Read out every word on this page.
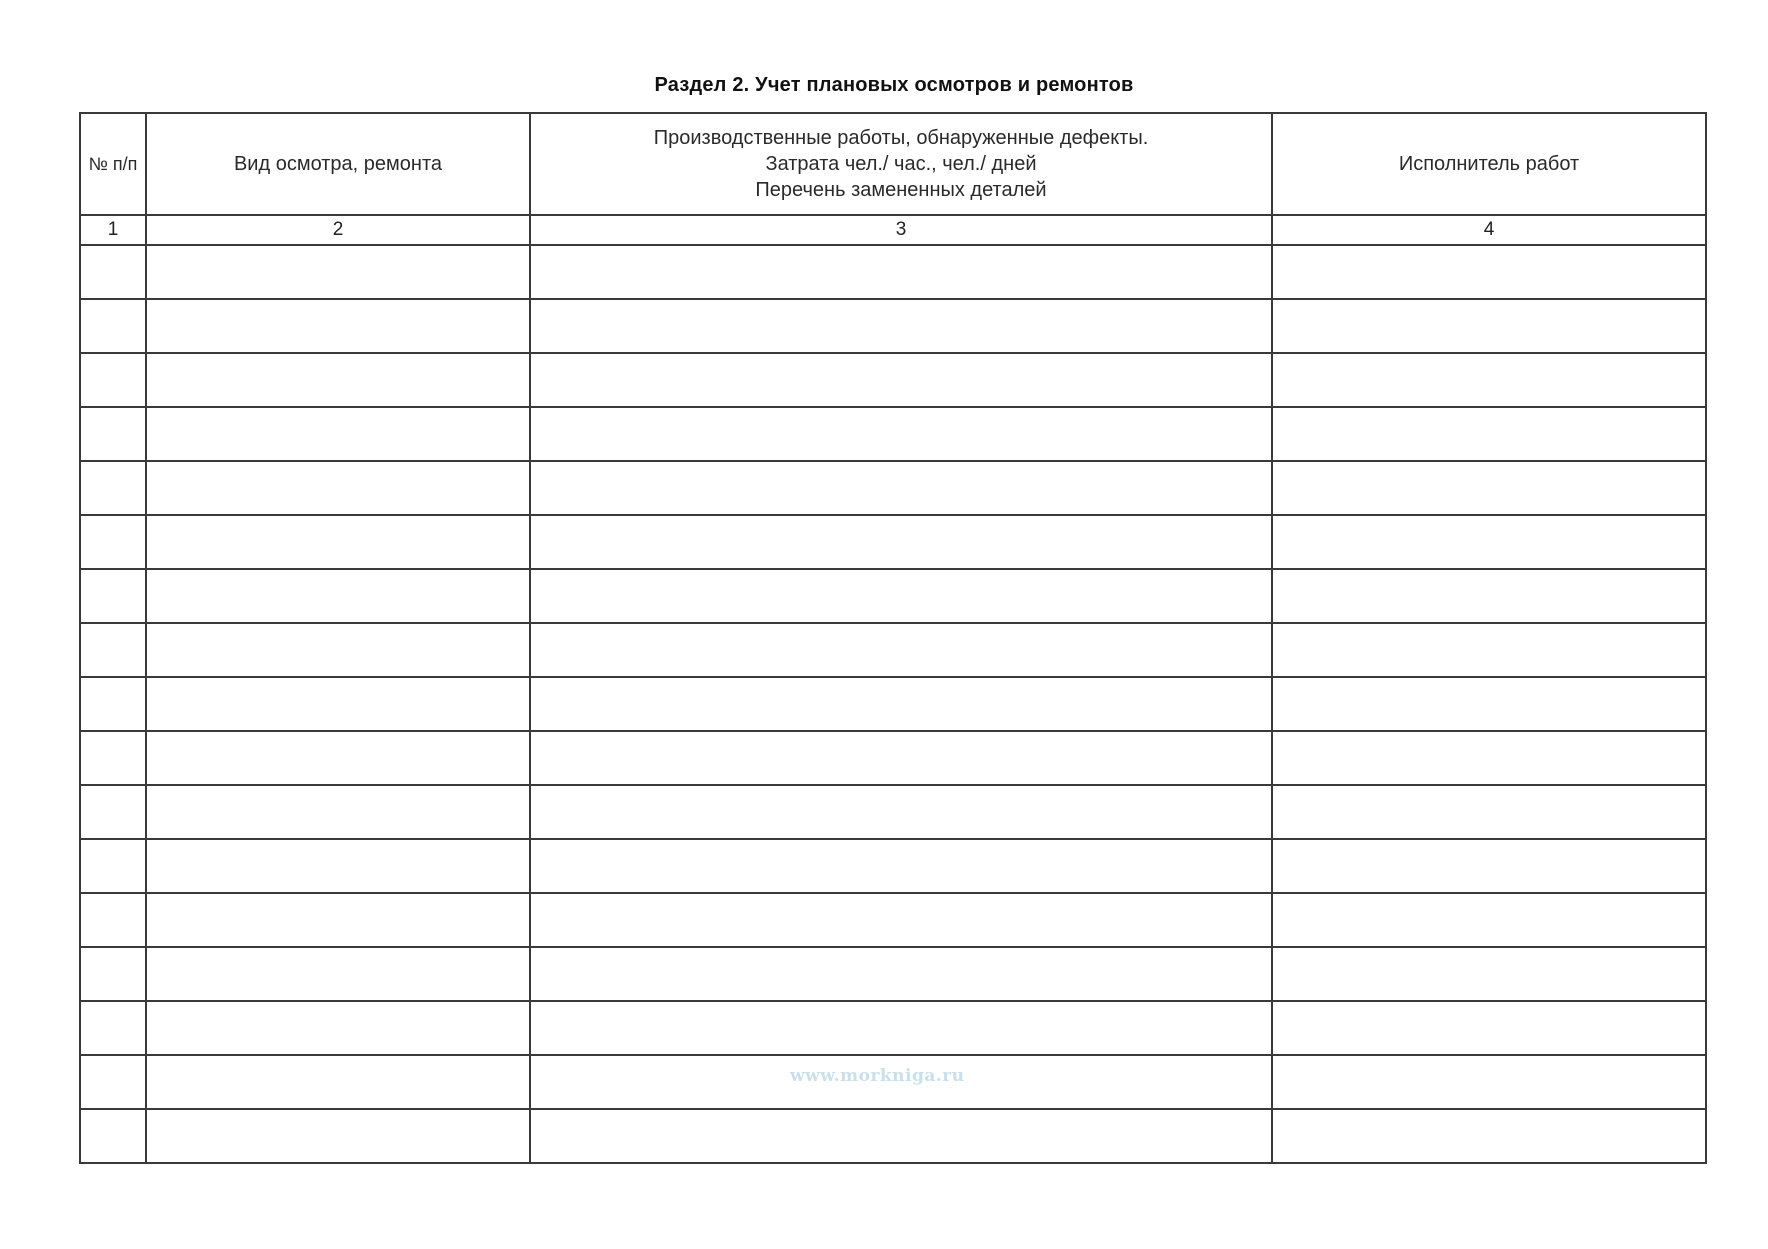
Раздел 2. Учет плановых осмотров и ремонтов
№ п/п	Вид осмотра, ремонта	Производственные работы, обнаруженные дефекты.
Затрата чел./ час., чел./ дней
Перечень замененных деталей	Исполнитель работ
1	2	3	4

www.morkniga.ru
